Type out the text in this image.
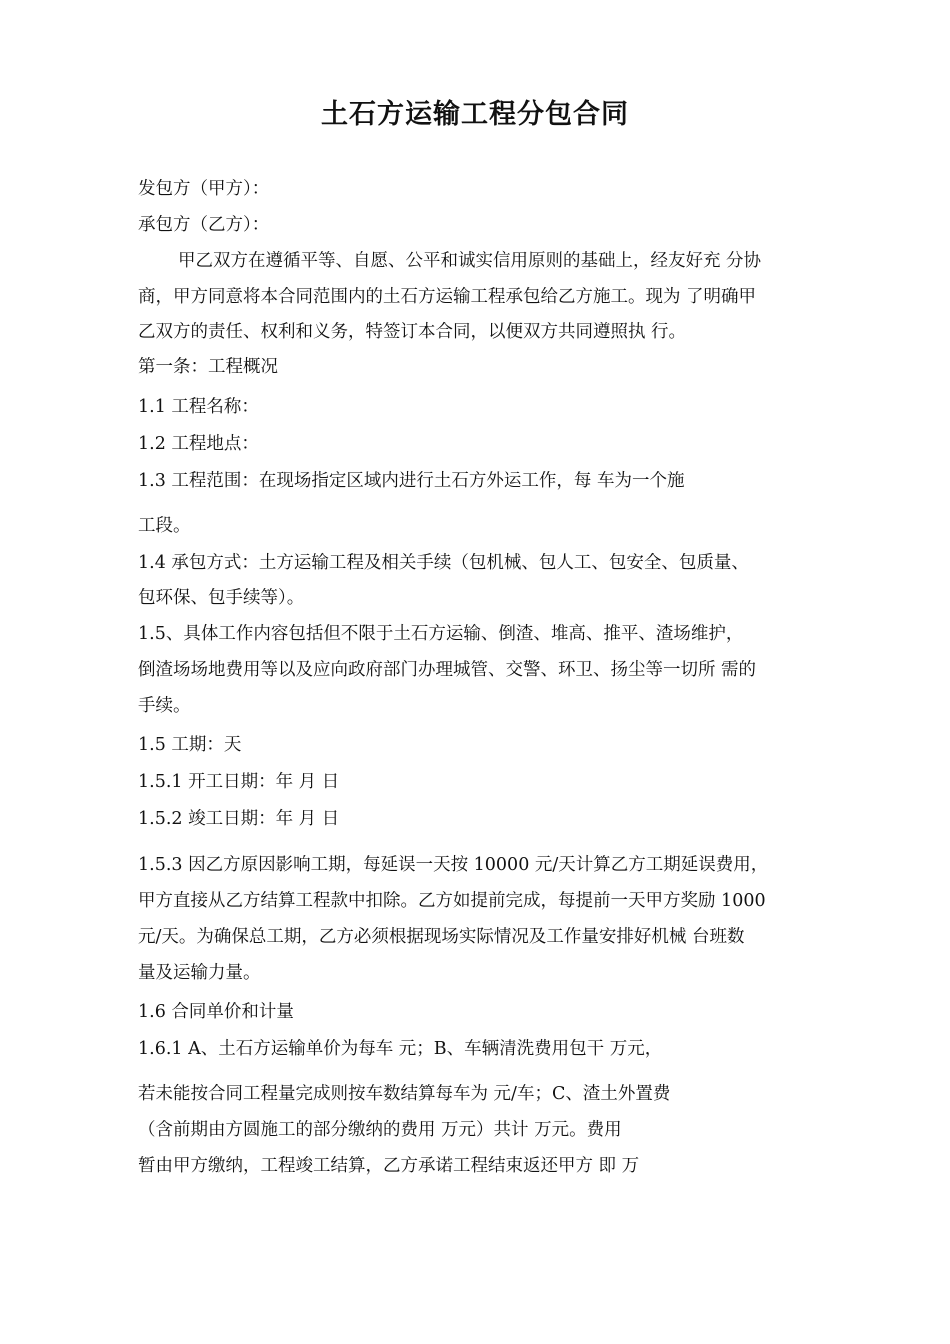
土石方运输工程分包合同
发包方（甲方）：
承包方（乙方）：
甲乙双方在遵循平等、自愿、公平和诚实信用原则的基础上，经友好充 分协
商，甲方同意将本合同范围内的土石方运输工程承包给乙方施工。现为 了明确甲
乙双方的责任、权利和义务，特签订本合同，以便双方共同遵照执 行。
第一条：工程概况
1.1 工程名称：
1.2 工程地点：
1.3 工程范围：在现场指定区域内进行土石方外运工作，每 车为一个施
工段。
1.4 承包方式：土方运输工程及相关手续（包机械、包人工、包安全、包质量、
包环保、包手续等）。
1.5、具体工作内容包括但不限于土石方运输、倒渣、堆高、推平、渣场维护，
倒渣场场地费用等以及应向政府部门办理城管、交警、环卫、扬尘等一切所 需的
手续。
1.5 工期：天
1.5.1 开工日期：年 月 日
1.5.2 竣工日期：年 月 日
1.5.3 因乙方原因影响工期，每延误一天按 10000 元/天计算乙方工期延误费用，
甲方直接从乙方结算工程款中扣除。乙方如提前完成，每提前一天甲方奖励 1000
元/天。为确保总工期，乙方必须根据现场实际情况及工作量安排好机械 台班数
量及运输力量。
1.6 合同单价和计量
1.6.1 A、土石方运输单价为每车 元；B、车辆清洗费用包干 万元，
若未能按合同工程量完成则按车数结算每车为 元/车；C、渣土外置费
（含前期由方圆施工的部分缴纳的费用 万元）共计 万元。费用
暂由甲方缴纳，工程竣工结算，乙方承诺工程结束返还甲方 即 万
